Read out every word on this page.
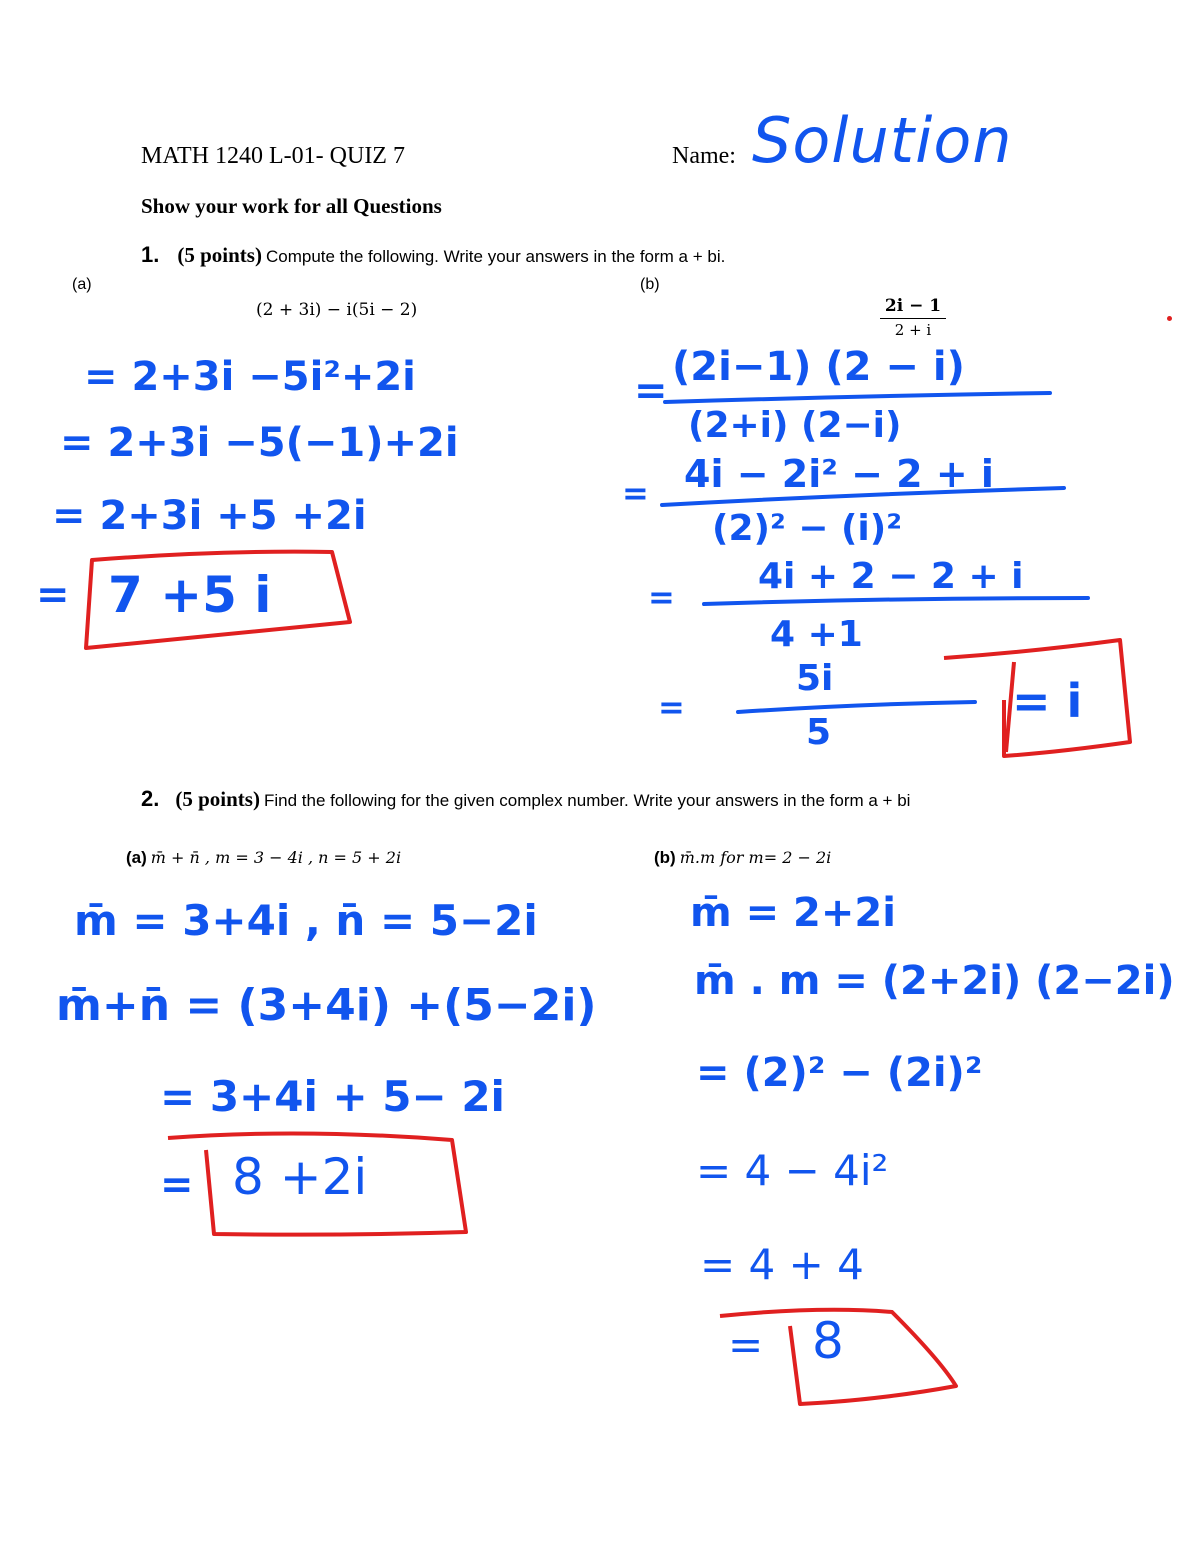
MATH 1240 L-01- QUIZ 7	Name: Solution
Show your work for all Questions
1. (5 points) Compute the following. Write your answers in the form a + bi.
(a)
(2 + 3i) − i(5i − 2)
(b)
2i − 1
2 + i
= 2+3i −5i²+2i
= 2+3i −5(−1)+2i
= 2+3i +5 +2i
= 7 +5 i
=
(2i−1) (2 − i)
(2+i) (2−i)
= 4i − 2i² − 2 + i
(2)² − (i)²
= 4i + 2 − 2 + i
4 +1
=
5i
5
= i
2. (5 points) Find the following for the given complex number. Write your answers in the form a + bi
(a) m̄ + n̄ , m = 3 − 4i , n = 5 + 2i	(b) m̄.m for m= 2 − 2i
m̄ = 3+4i , n̄ = 5−2i
m̄+n̄ = (3+4i) +(5−2i)
= 3+4i + 5− 2i
= 8 +2i
m̄ = 2+2i
m̄ . m = (2+2i) (2−2i)
= (2)² − (2i)²
= 4 − 4i²
= 4 + 4
= 8
